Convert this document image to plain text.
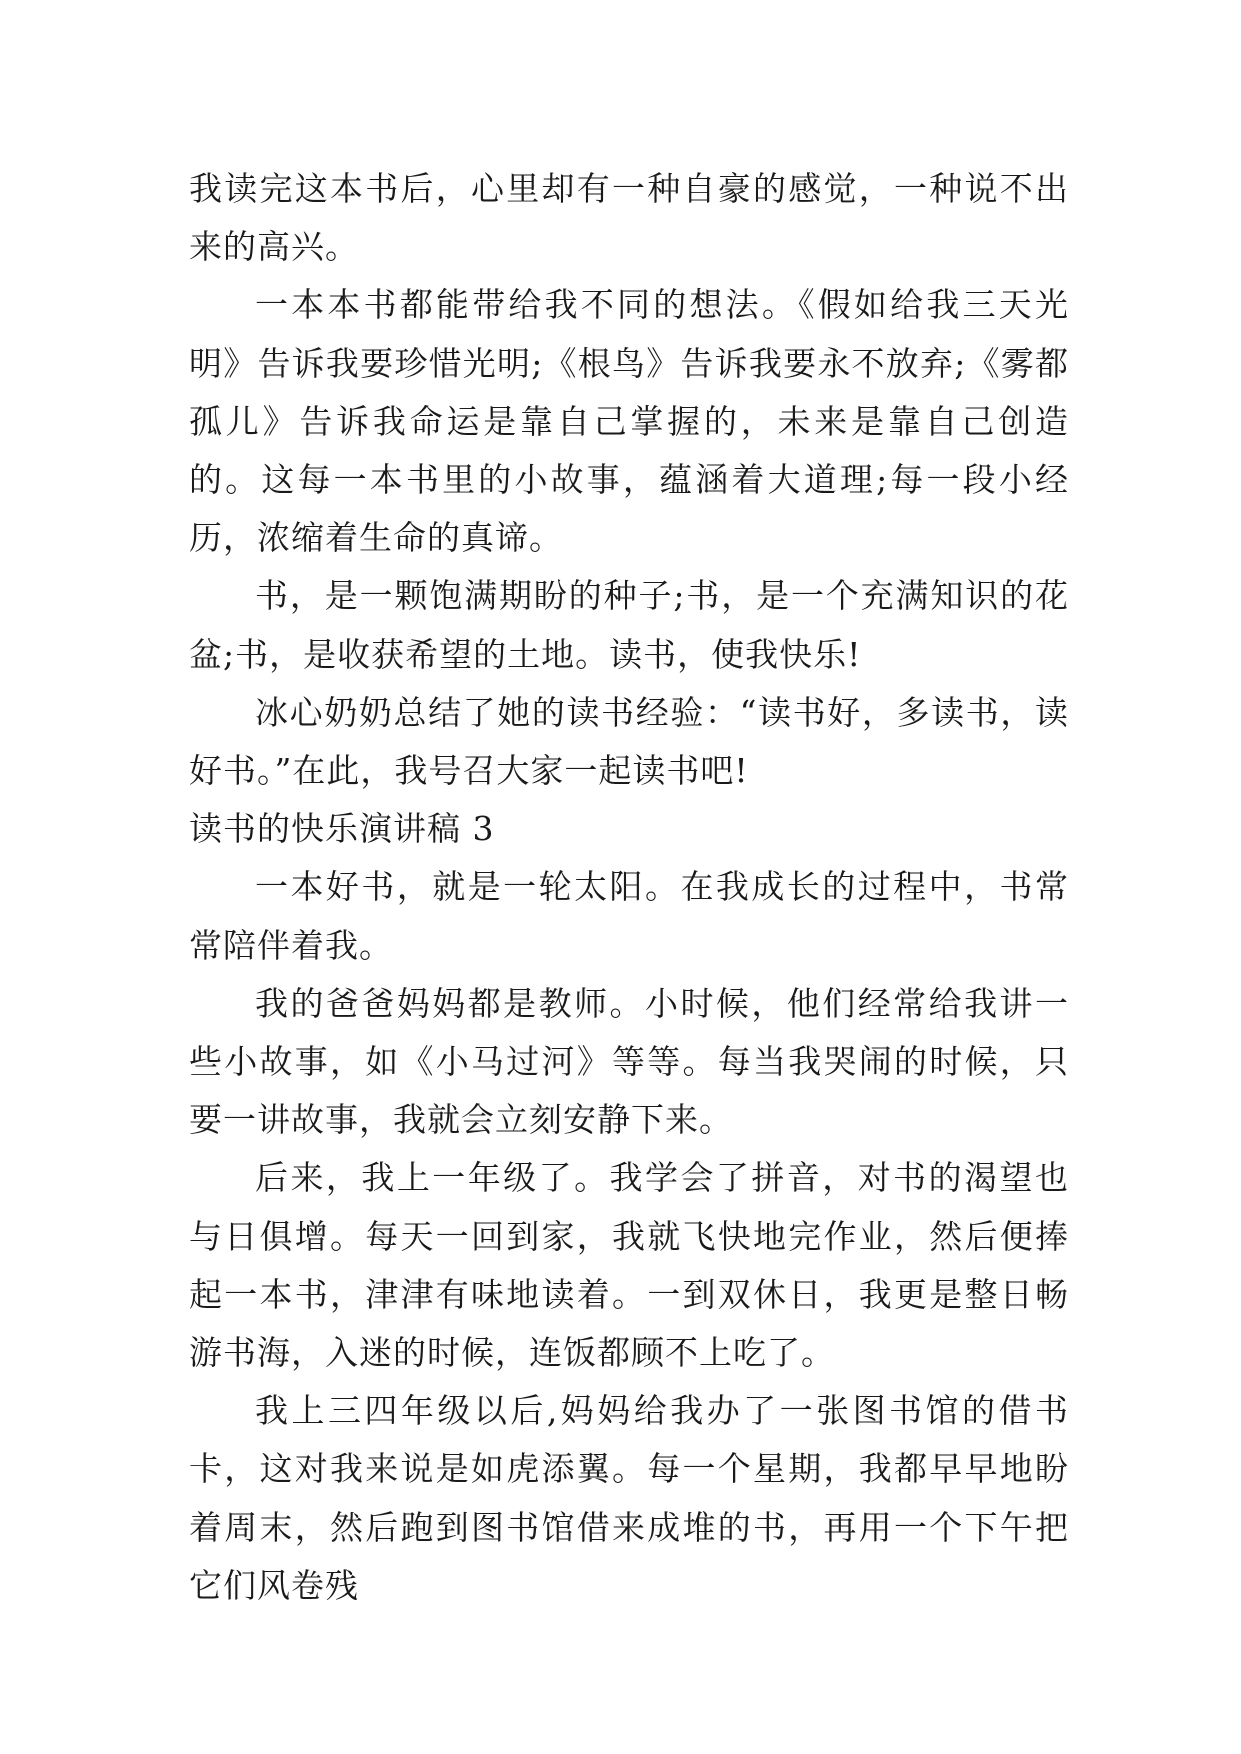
我读完这本书后，心里却有一种自豪的感觉，一种说不出来的高兴。

一本本书都能带给我不同的想法。《假如给我三天光明》告诉我要珍惜光明;《根鸟》告诉我要永不放弃;《雾都孤儿》告诉我命运是靠自己掌握的，未来是靠自己创造的。这每一本书里的小故事，蕴涵着大道理;每一段小经历，浓缩着生命的真谛。

书，是一颗饱满期盼的种子;书，是一个充满知识的花盆;书，是收获希望的土地。读书，使我快乐!

冰心奶奶总结了她的读书经验：“读书好，多读书，读好书。”在此，我号召大家一起读书吧!

读书的快乐演讲稿 3

一本好书，就是一轮太阳。在我成长的过程中，书常常陪伴着我。

我的爸爸妈妈都是教师。小时候，他们经常给我讲一些小故事，如《小马过河》等等。每当我哭闹的时候，只要一讲故事，我就会立刻安静下来。

后来，我上一年级了。我学会了拼音，对书的渴望也与日俱增。每天一回到家，我就飞快地完作业，然后便捧起一本书，津津有味地读着。一到双休日，我更是整日畅游书海，入迷的时候，连饭都顾不上吃了。

我上三四年级以后,妈妈给我办了一张图书馆的借书卡，这对我来说是如虎添翼。每一个星期，我都早早地盼着周末，然后跑到图书馆借来成堆的书，再用一个下午把它们风卷残
